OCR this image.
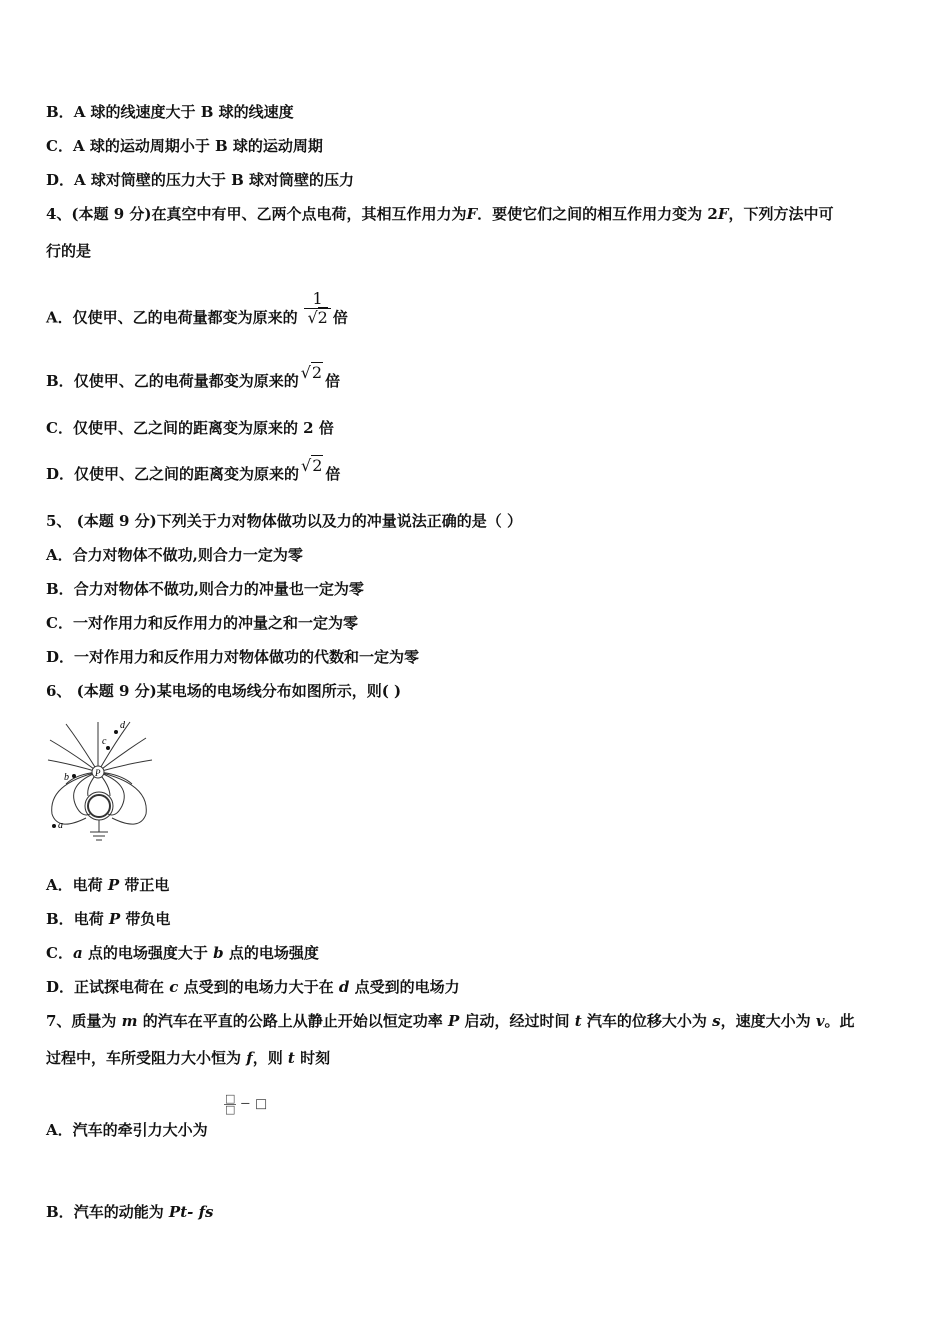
B．A 球的线速度大于 B 球的线速度
C．A 球的运动周期小于 B 球的运动周期
D．A 球对筒壁的压力大于 B 球对筒壁的压力
4、(本题 9 分)在真空中有甲、乙两个点电荷，其相互作用力为F．要使它们之间的相互作用力变为 2F，下列方法中可
行的是
A．仅使甲、乙的电荷量都变为原来的 $\frac{1}{√2}$ 倍
B．仅使甲、乙的电荷量都变为原来的 √2 倍
C．仅使甲、乙之间的距离变为原来的 2 倍
D．仅使甲、乙之间的距离变为原来的 √2 倍
5、 (本题 9 分)下列关于力对物体做功以及力的冲量说法正确的是（ ）
A．合力对物体不做功,则合力一定为零
B．合力对物体不做功,则合力的冲量也一定为零
C．一对作用力和反作用力的冲量之和一定为零
D．一对作用力和反作用力对物体做功的代数和一定为零
6、 (本题 9 分)某电场的电场线分布如图所示，则( )
P
a
b
c
d
A．电荷 P 带正电
B．电荷 P 带负电
C．a 点的电场强度大于 b 点的电场强度
D．正试探电荷在 c 点受到的电场力大于在 d 点受到的电场力
7、质量为 m 的汽车在平直的公路上从静止开始以恒定功率 P 启动，经过时间 t 汽车的位移大小为 s，速度大小为 v。此
过程中，车所受阻力大小恒为 f，则 t 时刻
□
□ − □
A．汽车的牵引力大小为
B．汽车的动能为 Pt- fs
